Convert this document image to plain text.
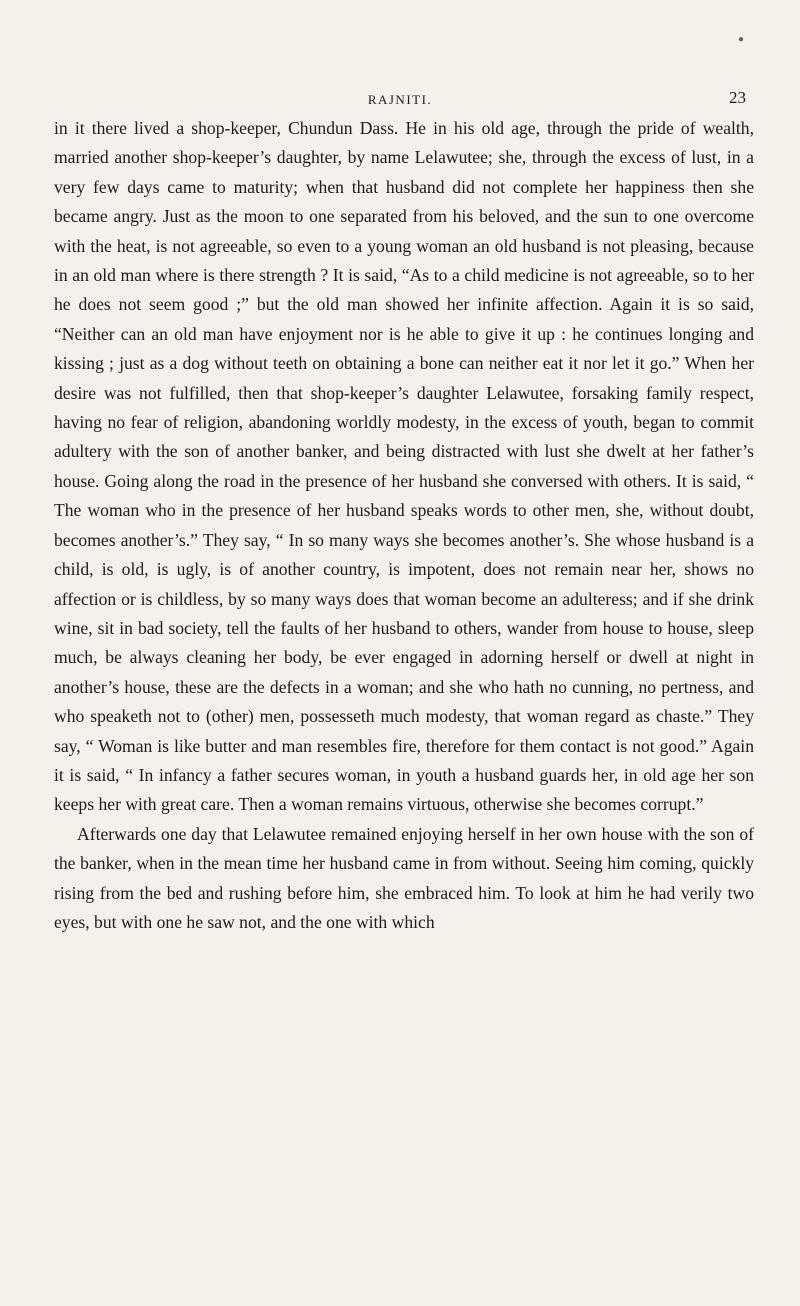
RAJNITI.	23
●

in it there lived a shop-keeper, Chundun Dass. He in his old age, through the pride of wealth, married another shop-keeper’s daughter, by name Lelawutee; she, through the excess of lust, in a very few days came to maturity; when that husband did not complete her happiness then she became angry. Just as the moon to one separated from his beloved, and the sun to one overcome with the heat, is not agreeable, so even to a young woman an old husband is not pleasing, because in an old man where is there strength ? It is said, “As to a child medicine is not agreeable, so to her he does not seem good ;” but the old man showed her infinite affection. Again it is so said, “Neither can an old man have enjoyment nor is he able to give it up : he continues longing and kissing ; just as a dog without teeth on obtaining a bone can neither eat it nor let it go.” When her desire was not fulfilled, then that shop-keeper’s daughter Lelawutee, forsaking family respect, having no fear of religion, abandoning worldly modesty, in the excess of youth, began to commit adultery with the son of another banker, and being distracted with lust she dwelt at her father’s house. Going along the road in the presence of her husband she conversed with others. It is said, “ The woman who in the presence of her husband speaks words to other men, she, without doubt, becomes another’s.” They say, “ In so many ways she becomes another’s. She whose husband is a child, is old, is ugly, is of another country, is impotent, does not remain near her, shows no affection or is childless, by so many ways does that woman become an adulteress; and if she drink wine, sit in bad society, tell the faults of her husband to others, wander from house to house, sleep much, be always cleaning her body, be ever engaged in adorning herself or dwell at night in another’s house, these are the defects in a woman; and she who hath no cunning, no pertness, and who speaketh not to (other) men, possesseth much modesty, that woman regard as chaste.” They say, “ Woman is like butter and man resembles fire, therefore for them contact is not good.” Again it is said, “ In infancy a father secures woman, in youth a husband guards her, in old age her son keeps her with great care. Then a woman remains virtuous, otherwise she becomes corrupt.”

Afterwards one day that Lelawutee remained enjoying herself in her own house with the son of the banker, when in the mean time her husband came in from without. Seeing him coming, quickly rising from the bed and rushing before him, she embraced him. To look at him he had verily two eyes, but with one he saw not, and the one with which
